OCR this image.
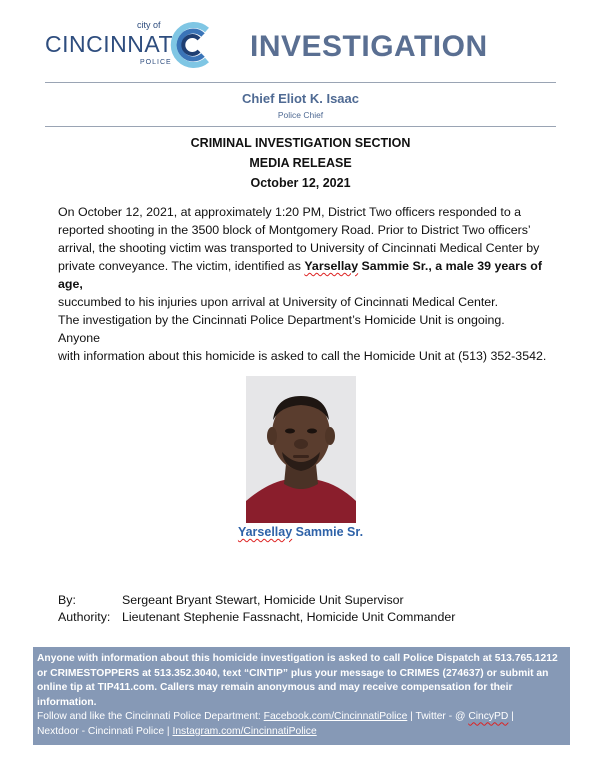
city of
CINCINNATI
POLICE	INVESTIGATION
Chief Eliot K. Isaac
Police Chief
CRIMINAL INVESTIGATION SECTION
MEDIA RELEASE
October 12, 2021
On October 12, 2021, at approximately 1:20 PM, District Two officers responded to a
reported shooting in the 3500 block of Montgomery Road. Prior to District Two officers’
arrival, the shooting victim was transported to University of Cincinnati Medical Center by
private conveyance. The victim, identified as Yarsellay Sammie Sr., a male 39 years of age,
succumbed to his injuries upon arrival at University of Cincinnati Medical Center.
The investigation by the Cincinnati Police Department’s Homicide Unit is ongoing. Anyone
with information about this homicide is asked to call the Homicide Unit at (513) 352-3542.
Yarsellay Sammie Sr.
By:	Sergeant Bryant Stewart, Homicide Unit Supervisor
Authority: Lieutenant Stephenie Fassnacht, Homicide Unit Commander
Anyone with information about this homicide investigation is asked to call Police Dispatch at 513.765.1212
or CRIMESTOPPERS at 513.352.3040, text “CINTIP” plus your message to CRIMES (274637) or submit an
online tip at TIP411.com. Callers may remain anonymous and may receive compensation for their
information.
Follow and like the Cincinnati Police Department: Facebook.com/CincinnatiPolice | Twitter - @ CincyPD |
Nextdoor - Cincinnati Police | Instagram.com/CincinnatiPolice
